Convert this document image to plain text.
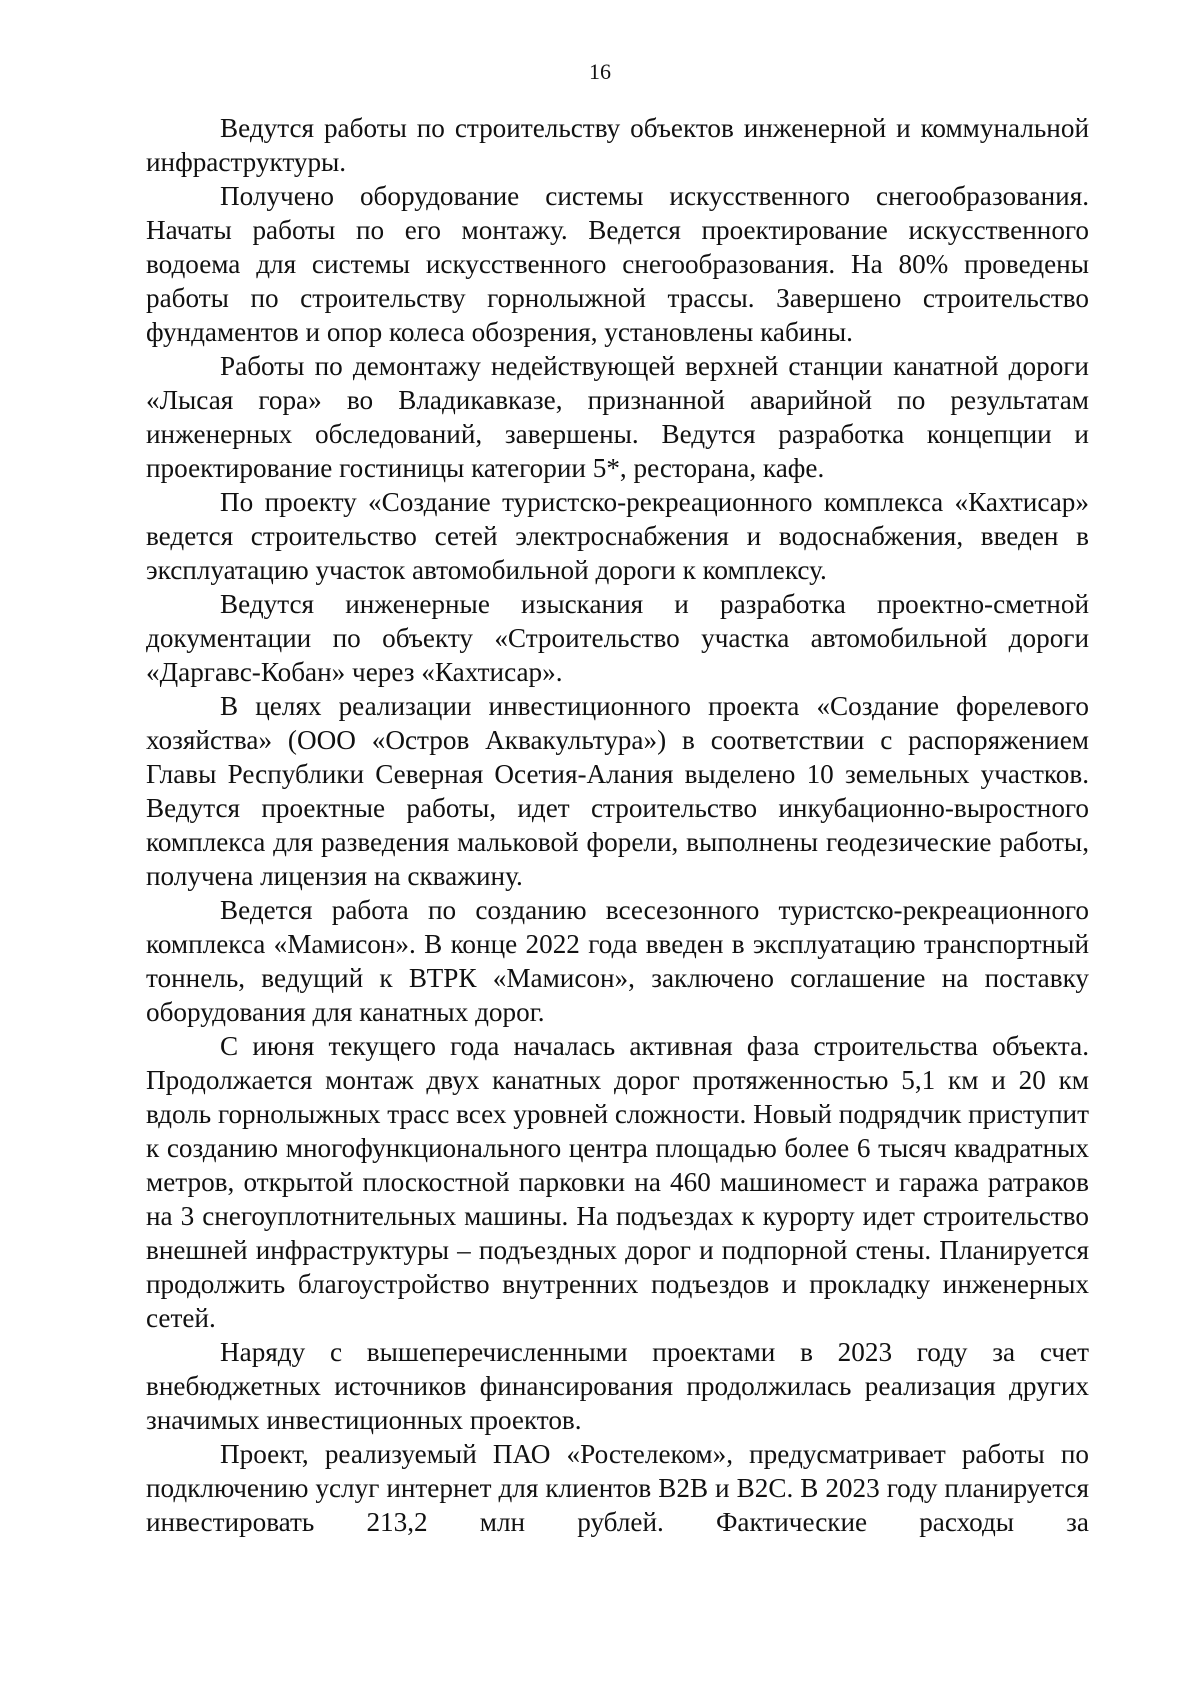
16

Ведутся работы по строительству объектов инженерной и коммунальной инфраструктуры.

Получено оборудование системы искусственного снегообразования. Начаты работы по его монтажу. Ведется проектирование искусственного водоема для системы искусственного снегообразования. На 80% проведены работы по строительству горнолыжной трассы. Завершено строительство фундаментов и опор колеса обозрения, установлены кабины.

Работы по демонтажу недействующей верхней станции канатной дороги «Лысая гора» во Владикавказе, признанной аварийной по результатам инженерных обследований, завершены. Ведутся разработка концепции и проектирование гостиницы категории 5*, ресторана, кафе.

По проекту «Создание туристско-рекреационного комплекса «Кахтисар» ведется строительство сетей электроснабжения и водоснабжения, введен в эксплуатацию участок автомобильной дороги к комплексу.

Ведутся инженерные изыскания и разработка проектно-сметной документации по объекту «Строительство участка автомобильной дороги «Даргавс-Кобан» через «Кахтисар».

В целях реализации инвестиционного проекта «Создание форелевого хозяйства» (ООО «Остров Аквакультура») в соответствии с распоряжением Главы Республики Северная Осетия-Алания выделено 10 земельных участков. Ведутся проектные работы, идет строительство инкубационно-выростного комплекса для разведения мальковой форели, выполнены геодезические работы, получена лицензия на скважину.

Ведется работа по созданию всесезонного туристско-рекреационного комплекса «Мамисон». В конце 2022 года введен в эксплуатацию транспортный тоннель, ведущий к ВТРК «Мамисон», заключено соглашение на поставку оборудования для канатных дорог.

С июня текущего года началась активная фаза строительства объекта. Продолжается монтаж двух канатных дорог протяженностью 5,1 км и 20 км вдоль горнолыжных трасс всех уровней сложности. Новый подрядчик приступит к созданию многофункционального центра площадью более 6 тысяч квадратных метров, открытой плоскостной парковки на 460 машиномест и гаража ратраков на 3 снегоуплотнительных машины. На подъездах к курорту идет строительство внешней инфраструктуры – подъездных дорог и подпорной стены. Планируется продолжить благоустройство внутренних подъездов и прокладку инженерных сетей.

Наряду с вышеперечисленными проектами в 2023 году за счет внебюджетных источников финансирования продолжилась реализация других значимых инвестиционных проектов.

Проект, реализуемый ПАО «Ростелеком», предусматривает работы по подключению услуг интернет для клиентов B2B и B2C. В 2023 году планируется инвестировать 213,2 млн рублей. Фактические расходы за
